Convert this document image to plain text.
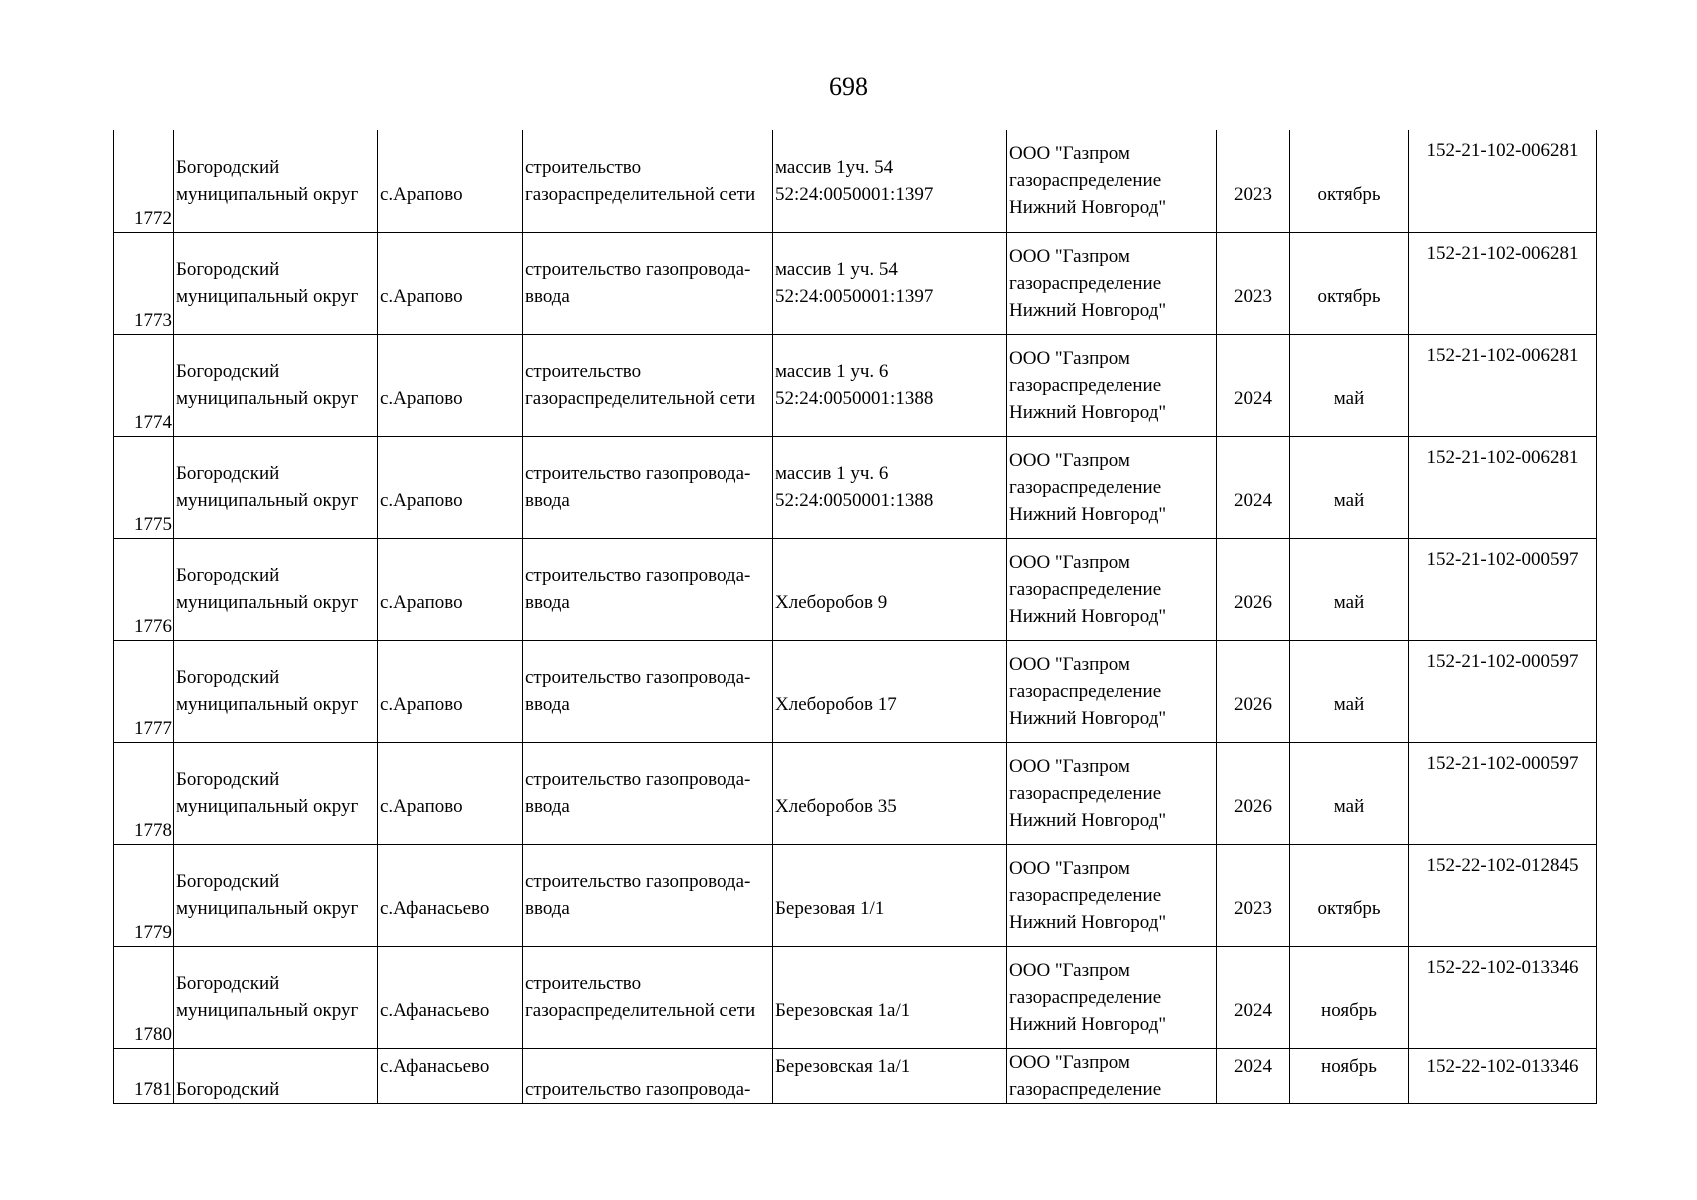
698
1772	Богородский
муниципальный округ	с.Арапово	строительство
газораспределительной сети	массив 1уч. 54
52:24:0050001:1397	ООО "Газпром
газораспределение
Нижний Новгород"	2023	октябрь	152-21-102-006281
1773	Богородский
муниципальный округ	с.Арапово	строительство газопровода-
ввода	массив 1 уч. 54
52:24:0050001:1397	ООО "Газпром
газораспределение
Нижний Новгород"	2023	октябрь	152-21-102-006281
1774	Богородский
муниципальный округ	с.Арапово	строительство
газораспределительной сети	массив 1 уч. 6
52:24:0050001:1388	ООО "Газпром
газораспределение
Нижний Новгород"	2024	май	152-21-102-006281
1775	Богородский
муниципальный округ	с.Арапово	строительство газопровода-
ввода	массив 1 уч. 6
52:24:0050001:1388	ООО "Газпром
газораспределение
Нижний Новгород"	2024	май	152-21-102-006281
1776	Богородский
муниципальный округ	с.Арапово	строительство газопровода-
ввода	Хлеборобов 9	ООО "Газпром
газораспределение
Нижний Новгород"	2026	май	152-21-102-000597
1777	Богородский
муниципальный округ	с.Арапово	строительство газопровода-
ввода	Хлеборобов 17	ООО "Газпром
газораспределение
Нижний Новгород"	2026	май	152-21-102-000597
1778	Богородский
муниципальный округ	с.Арапово	строительство газопровода-
ввода	Хлеборобов 35	ООО "Газпром
газораспределение
Нижний Новгород"	2026	май	152-21-102-000597
1779	Богородский
муниципальный округ	с.Афанасьево	строительство газопровода-
ввода	Березовая 1/1	ООО "Газпром
газораспределение
Нижний Новгород"	2023	октябрь	152-22-102-012845
1780	Богородский
муниципальный округ	с.Афанасьево	строительство
газораспределительной сети	Березовская 1а/1	ООО "Газпром
газораспределение
Нижний Новгород"	2024	ноябрь	152-22-102-013346
1781	Богородский	с.Афанасьево	строительство газопровода-	Березовская 1а/1	ООО "Газпром
газораспределение	2024	ноябрь	152-22-102-013346
